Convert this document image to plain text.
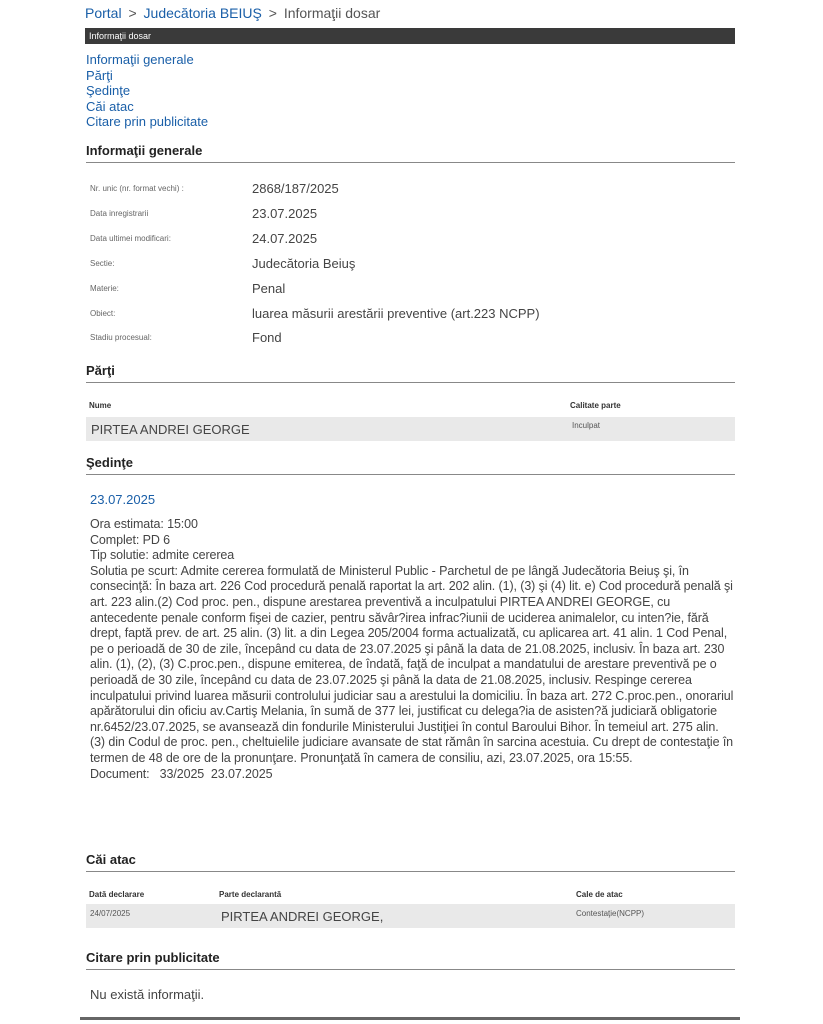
Portal > Judecătoria BEIUŞ > Informaţii dosar
Informaţii dosar
Informaţii generale
Părţi
Şedinţe
Căi atac
Citare prin publicitate
Informaţii generale
Nr. unic (nr. format vechi) :	2868/187/2025
Data inregistrarii	23.07.2025
Data ultimei modificari:	24.07.2025
Sectie:	Judecătoria Beiuş
Materie:	Penal
Obiect:	luarea măsurii arestării preventive (art.223 NCPP)
Stadiu procesual:	Fond
Părţi
Nume	Calitate parte
PIRTEA ANDREI GEORGE	Inculpat
Şedinţe
23.07.2025
Ora estimata: 15:00
Complet: PD 6
Tip solutie: admite cererea
Solutia pe scurt: Admite cererea formulată de Ministerul Public - Parchetul de pe lângă Judecătoria Beiuş şi, în consecinţă: În baza art. 226 Cod procedură penală raportat la art. 202 alin. (1), (3) şi (4) lit. e) Cod procedură penală şi art. 223 alin.(2) Cod proc. pen., dispune arestarea preventivă a inculpatului PIRTEA ANDREI GEORGE, cu antecedente penale conform fişei de cazier, pentru săvâr?irea infrac?iunii de uciderea animalelor, cu inten?ie, fără drept, faptă prev. de art. 25 alin. (3) lit. a din Legea 205/2004 forma actualizată, cu aplicarea art. 41 alin. 1 Cod Penal, pe o perioadă de 30 de zile, începând cu data de 23.07.2025 şi până la data de 21.08.2025, inclusiv. În baza art. 230 alin. (1), (2), (3) C.proc.pen., dispune emiterea, de îndată, faţă de inculpat a mandatului de arestare preventivă pe o perioadă de 30 zile, începând cu data de 23.07.2025 şi până la data de 21.08.2025, inclusiv. Respinge cererea inculpatului privind luarea măsurii controlului judiciar sau a arestului la domiciliu. În baza art. 272 C.proc.pen., onorariul apărătorului din oficiu av.Cartiş Melania, în sumă de 377 lei, justificat cu delega?ia de asisten?ă judiciară obligatorie nr.6452/23.07.2025, se avansează din fondurile Ministerului Justiţiei în contul Baroului Bihor. În temeiul art. 275 alin. (3) din Codul de proc. pen., cheltuielile judiciare avansate de stat rămân în sarcina acestuia. Cu drept de contestaţie în termen de 48 de ore de la pronunţare. Pronunţată în camera de consiliu, azi, 23.07.2025, ora 15:55.
Document:   33/2025  23.07.2025
Căi atac
Dată declarare	Parte declarantă	Cale de atac
24/07/2025	PIRTEA ANDREI GEORGE,	Contestaţie(NCPP)
Citare prin publicitate
Nu există informaţii.
